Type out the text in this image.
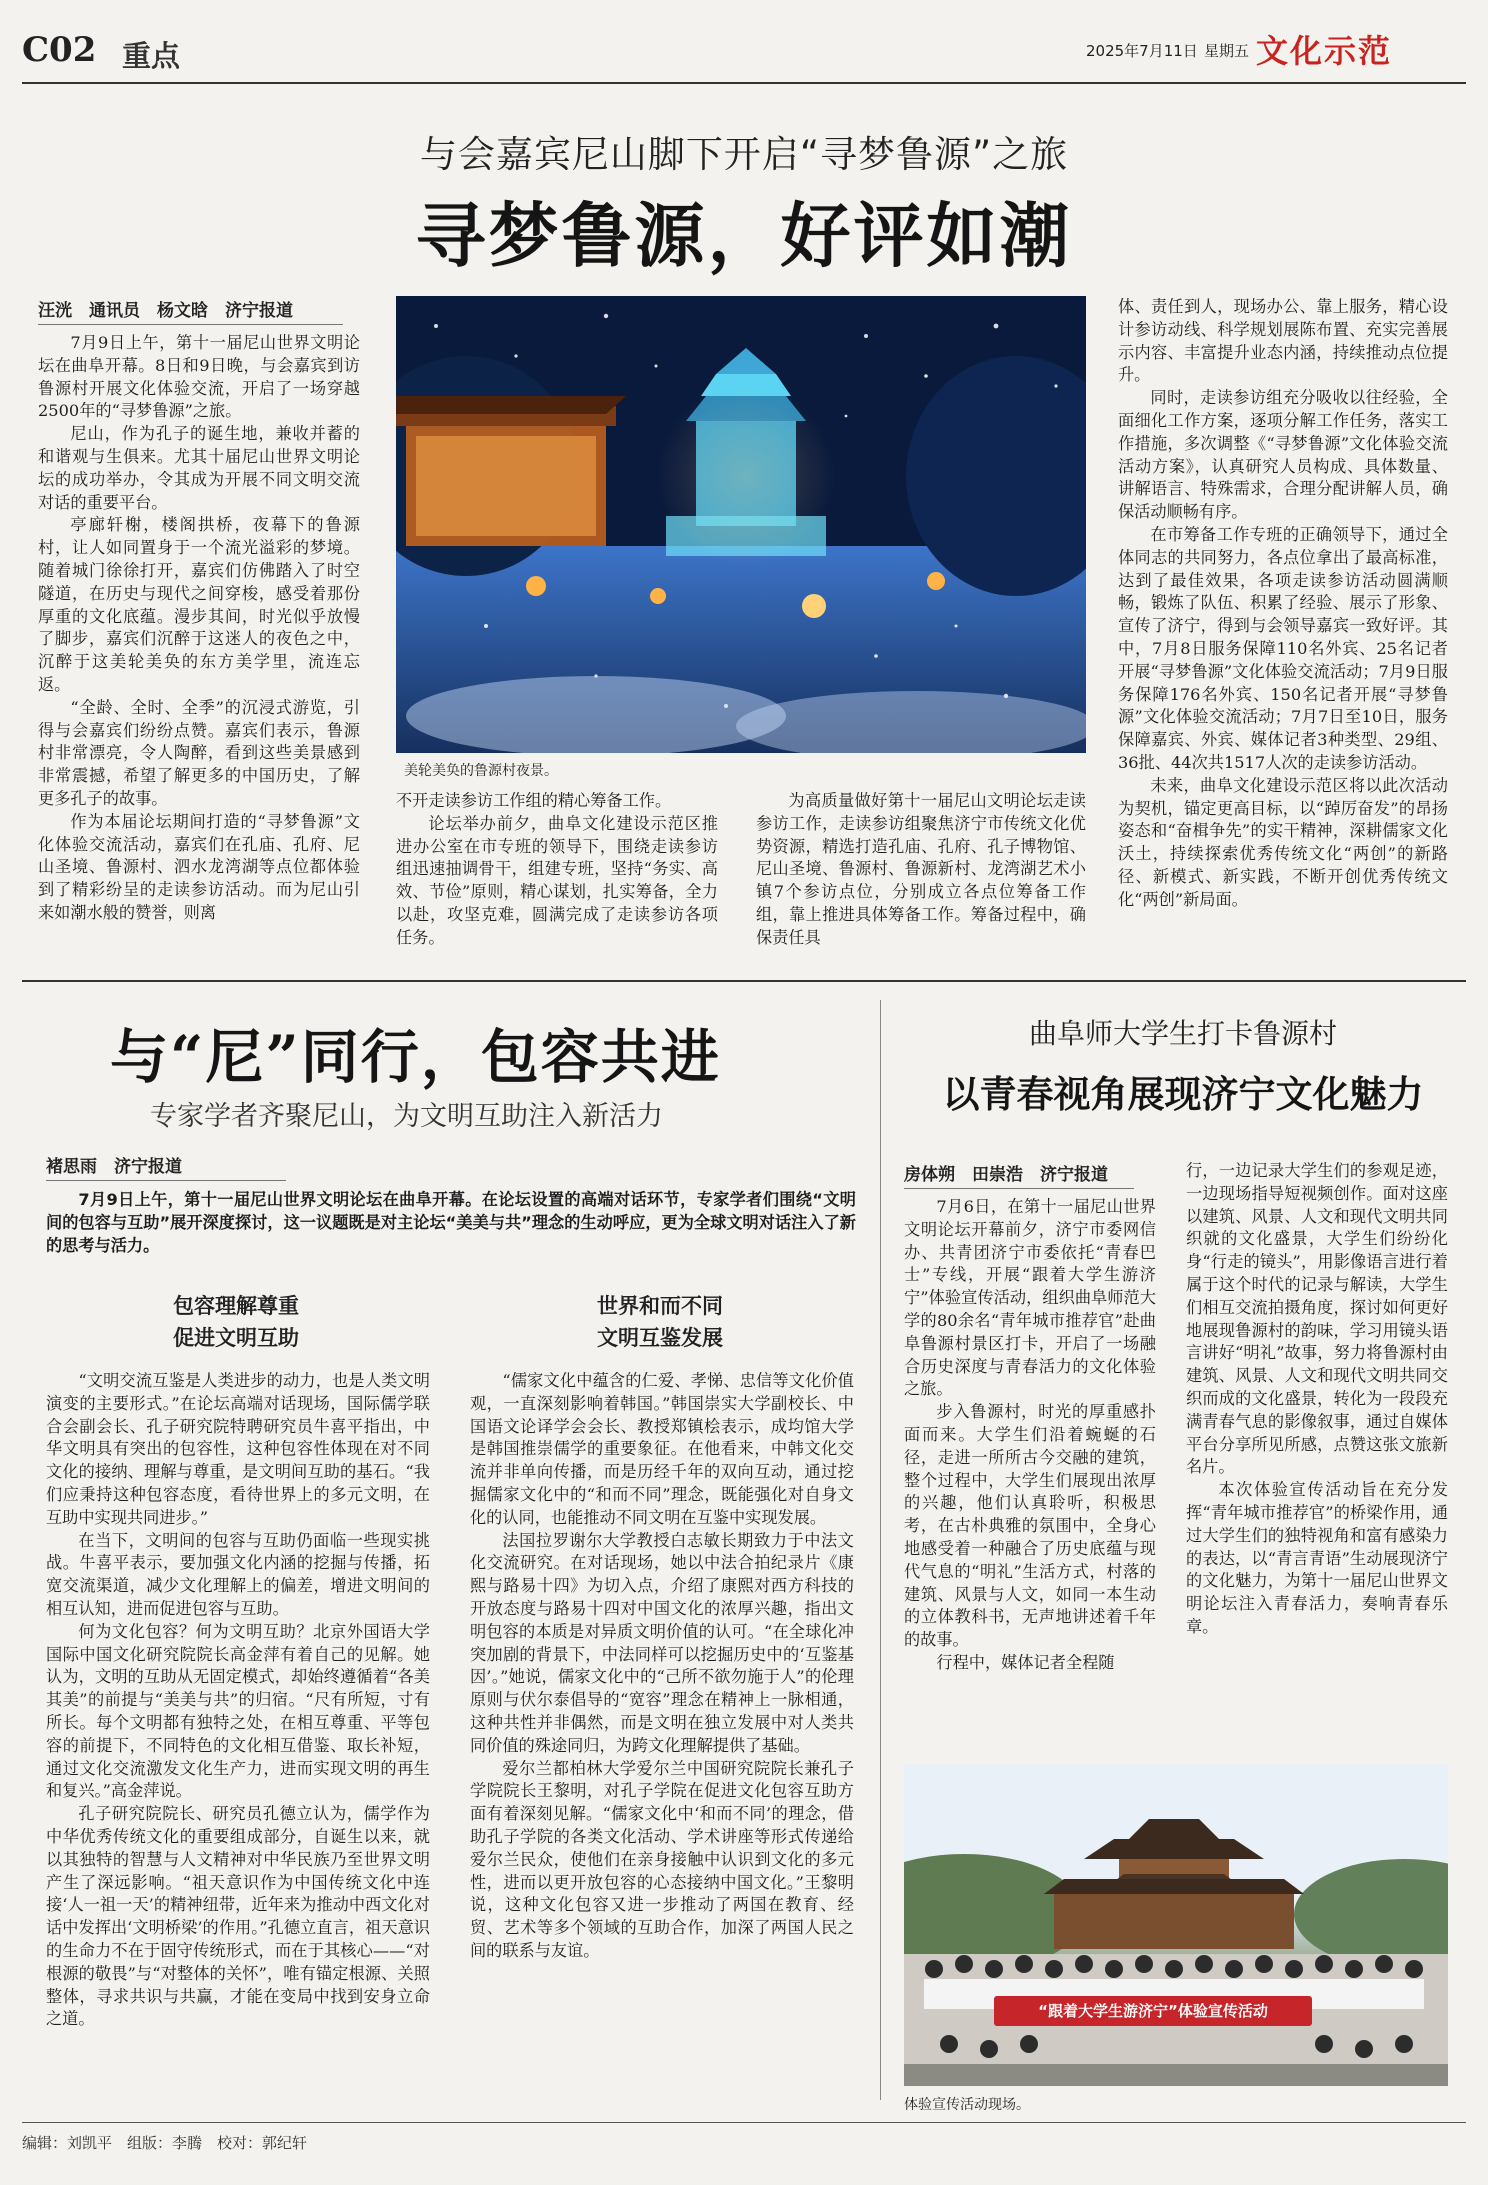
C02 重点	2025年7月11日 星期五 文化示范
与会嘉宾尼山脚下开启“寻梦鲁源”之旅
寻梦鲁源，好评如潮
汪洸　通讯员　杨文晗　济宁报道
美轮美奂的鲁源村夜景。

7月9日上午，第十一届尼山世界文明论坛在曲阜开幕。8日和9日晚，与会嘉宾到访鲁源村开展文化体验交流，开启了一场穿越2500年的“寻梦鲁源”之旅。

尼山，作为孔子的诞生地，兼收并蓄的和谐观与生俱来。尤其十届尼山世界文明论坛的成功举办，令其成为开展不同文明交流对话的重要平台。

亭廊轩榭，楼阁拱桥，夜幕下的鲁源村，让人如同置身于一个流光溢彩的梦境。随着城门徐徐打开，嘉宾们仿佛踏入了时空隧道，在历史与现代之间穿梭，感受着那份厚重的文化底蕴。漫步其间，时光似乎放慢了脚步，嘉宾们沉醉于这迷人的夜色之中，沉醉于这美轮美奂的东方美学里，流连忘返。

“全龄、全时、全季”的沉浸式游览，引得与会嘉宾们纷纷点赞。嘉宾们表示，鲁源村非常漂亮，令人陶醉，看到这些美景感到非常震撼，希望了解更多的中国历史，了解更多孔子的故事。

作为本届论坛期间打造的“寻梦鲁源”文化体验交流活动，嘉宾们在孔庙、孔府、尼山圣境、鲁源村、泗水龙湾湖等点位都体验到了精彩纷呈的走读参访活动。而为尼山引来如潮水般的赞誉，则离

不开走读参访工作组的精心筹备工作。

论坛举办前夕，曲阜文化建设示范区推进办公室在市专班的领导下，围绕走读参访组迅速抽调骨干，组建专班，坚持“务实、高效、节俭”原则，精心谋划，扎实筹备，全力以赴，攻坚克难，圆满完成了走读参访各项任务。

为高质量做好第十一届尼山文明论坛走读参访工作，走读参访组聚焦济宁市传统文化优势资源，精选打造孔庙、孔府、孔子博物馆、尼山圣境、鲁源村、鲁源新村、龙湾湖艺术小镇7个参访点位，分别成立各点位筹备工作组，靠上推进具体筹备工作。筹备过程中，确保责任具

体、责任到人，现场办公、靠上服务，精心设计参访动线、科学规划展陈布置、充实完善展示内容、丰富提升业态内涵，持续推动点位提升。

同时，走读参访组充分吸收以往经验，全面细化工作方案，逐项分解工作任务，落实工作措施，多次调整《“寻梦鲁源”文化体验交流活动方案》，认真研究人员构成、具体数量、讲解语言、特殊需求，合理分配讲解人员，确保活动顺畅有序。

在市筹备工作专班的正确领导下，通过全体同志的共同努力，各点位拿出了最高标准，达到了最佳效果，各项走读参访活动圆满顺畅，锻炼了队伍、积累了经验、展示了形象、宣传了济宁，得到与会领导嘉宾一致好评。其中，7月8日服务保障110名外宾、25名记者开展“寻梦鲁源”文化体验交流活动；7月9日服务保障176名外宾、150名记者开展“寻梦鲁源”文化体验交流活动；7月7日至10日，服务保障嘉宾、外宾、媒体记者3种类型、29组、36批、44次共1517人次的走读参访活动。

未来，曲阜文化建设示范区将以此次活动为契机，锚定更高目标，以“踔厉奋发”的昂扬姿态和“奋楫争先”的实干精神，深耕儒家文化沃土，持续探索优秀传统文化“两创”的新路径、新模式、新实践，不断开创优秀传统文化“两创”新局面。

与“尼”同行，包容共进
专家学者齐聚尼山，为文明互助注入新活力
褚思雨　济宁报道
7月9日上午，第十一届尼山世界文明论坛在曲阜开幕。在论坛设置的高端对话环节，专家学者们围绕“文明间的包容与互助”展开深度探讨，这一议题既是对主论坛“美美与共”理念的生动呼应，更为全球文明对话注入了新的思考与活力。
包容理解尊重
促进文明互助

“文明交流互鉴是人类进步的动力，也是人类文明演变的主要形式。”在论坛高端对话现场，国际儒学联合会副会长、孔子研究院特聘研究员牛喜平指出，中华文明具有突出的包容性，这种包容性体现在对不同文化的接纳、理解与尊重，是文明间互助的基石。“我们应秉持这种包容态度，看待世界上的多元文明，在互助中实现共同进步。”

在当下，文明间的包容与互助仍面临一些现实挑战。牛喜平表示，要加强文化内涵的挖掘与传播，拓宽交流渠道，减少文化理解上的偏差，增进文明间的相互认知，进而促进包容与互助。

何为文化包容？何为文明互助？北京外国语大学国际中国文化研究院院长高金萍有着自己的见解。她认为，文明的互助从无固定模式，却始终遵循着“各美其美”的前提与“美美与共”的归宿。“尺有所短，寸有所长。每个文明都有独特之处，在相互尊重、平等包容的前提下，不同特色的文化相互借鉴、取长补短，通过文化交流激发文化生产力，进而实现文明的再生和复兴。”高金萍说。

孔子研究院院长、研究员孔德立认为，儒学作为中华优秀传统文化的重要组成部分，自诞生以来，就以其独特的智慧与人文精神对中华民族乃至世界文明产生了深远影响。“祖天意识作为中国传统文化中连接‘人一祖一天’的精神纽带，近年来为推动中西文化对话中发挥出‘文明桥梁’的作用。”孔德立直言，祖天意识的生命力不在于固守传统形式，而在于其核心——“对根源的敬畏”与“对整体的关怀”，唯有锚定根源、关照整体，寻求共识与共赢，才能在变局中找到安身立命之道。

世界和而不同
文明互鉴发展

“儒家文化中蕴含的仁爱、孝悌、忠信等文化价值观，一直深刻影响着韩国。”韩国崇实大学副校长、中国语文论译学会会长、教授郑镇桧表示，成均馆大学是韩国推崇儒学的重要象征。在他看来，中韩文化交流并非单向传播，而是历经千年的双向互动，通过挖掘儒家文化中的“和而不同”理念，既能强化对自身文化的认同，也能推动不同文明在互鉴中实现发展。

法国拉罗谢尔大学教授白志敏长期致力于中法文化交流研究。在对话现场，她以中法合拍纪录片《康熙与路易十四》为切入点，介绍了康熙对西方科技的开放态度与路易十四对中国文化的浓厚兴趣，指出文明包容的本质是对异质文明价值的认可。“在全球化冲突加剧的背景下，中法同样可以挖掘历史中的‘互鉴基因’。”她说，儒家文化中的“己所不欲勿施于人”的伦理原则与伏尔泰倡导的“宽容”理念在精神上一脉相通，这种共性并非偶然，而是文明在独立发展中对人类共同价值的殊途同归，为跨文化理解提供了基础。

爱尔兰都柏林大学爱尔兰中国研究院院长兼孔子学院院长王黎明，对孔子学院在促进文化包容互助方面有着深刻见解。“儒家文化中‘和而不同’的理念，借助孔子学院的各类文化活动、学术讲座等形式传递给爱尔兰民众，使他们在亲身接触中认识到文化的多元性，进而以更开放包容的心态接纳中国文化。”王黎明说，这种文化包容又进一步推动了两国在教育、经贸、艺术等多个领域的互助合作，加深了两国人民之间的联系与友谊。

曲阜师大学生打卡鲁源村
以青春视角展现济宁文化魅力
房体朔　田崇浩　济宁报道

7月6日，在第十一届尼山世界文明论坛开幕前夕，济宁市委网信办、共青团济宁市委依托“青春巴士”专线，开展“跟着大学生游济宁”体验宣传活动，组织曲阜师范大学的80余名“青年城市推荐官”赴曲阜鲁源村景区打卡，开启了一场融合历史深度与青春活力的文化体验之旅。

步入鲁源村，时光的厚重感扑面而来。大学生们沿着蜿蜒的石径，走进一所所古今交融的建筑，整个过程中，大学生们展现出浓厚的兴趣，他们认真聆听，积极思考，在古朴典雅的氛围中，全身心地感受着一种融合了历史底蕴与现代气息的“明礼”生活方式，村落的建筑、风景与人文，如同一本生动的立体教科书，无声地讲述着千年的故事。

行程中，媒体记者全程随

行，一边记录大学生们的参观足迹，一边现场指导短视频创作。面对这座以建筑、风景、人文和现代文明共同织就的文化盛景，大学生们纷纷化身“行走的镜头”，用影像语言进行着属于这个时代的记录与解读，大学生们相互交流拍摄角度，探讨如何更好地展现鲁源村的韵味，学习用镜头语言讲好“明礼”故事，努力将鲁源村由建筑、风景、人文和现代文明共同交织而成的文化盛景，转化为一段段充满青春气息的影像叙事，通过自媒体平台分享所见所感，点赞这张文旅新名片。

本次体验宣传活动旨在充分发挥“青年城市推荐官”的桥梁作用，通过大学生们的独特视角和富有感染力的表达，以“青言青语”生动展现济宁的文化魅力，为第十一届尼山世界文明论坛注入青春活力，奏响青春乐章。

“跟着大学生游济宁”体验宣传活动
体验宣传活动现场。
编辑：刘凯平　组版：李腾　校对：郭纪轩
